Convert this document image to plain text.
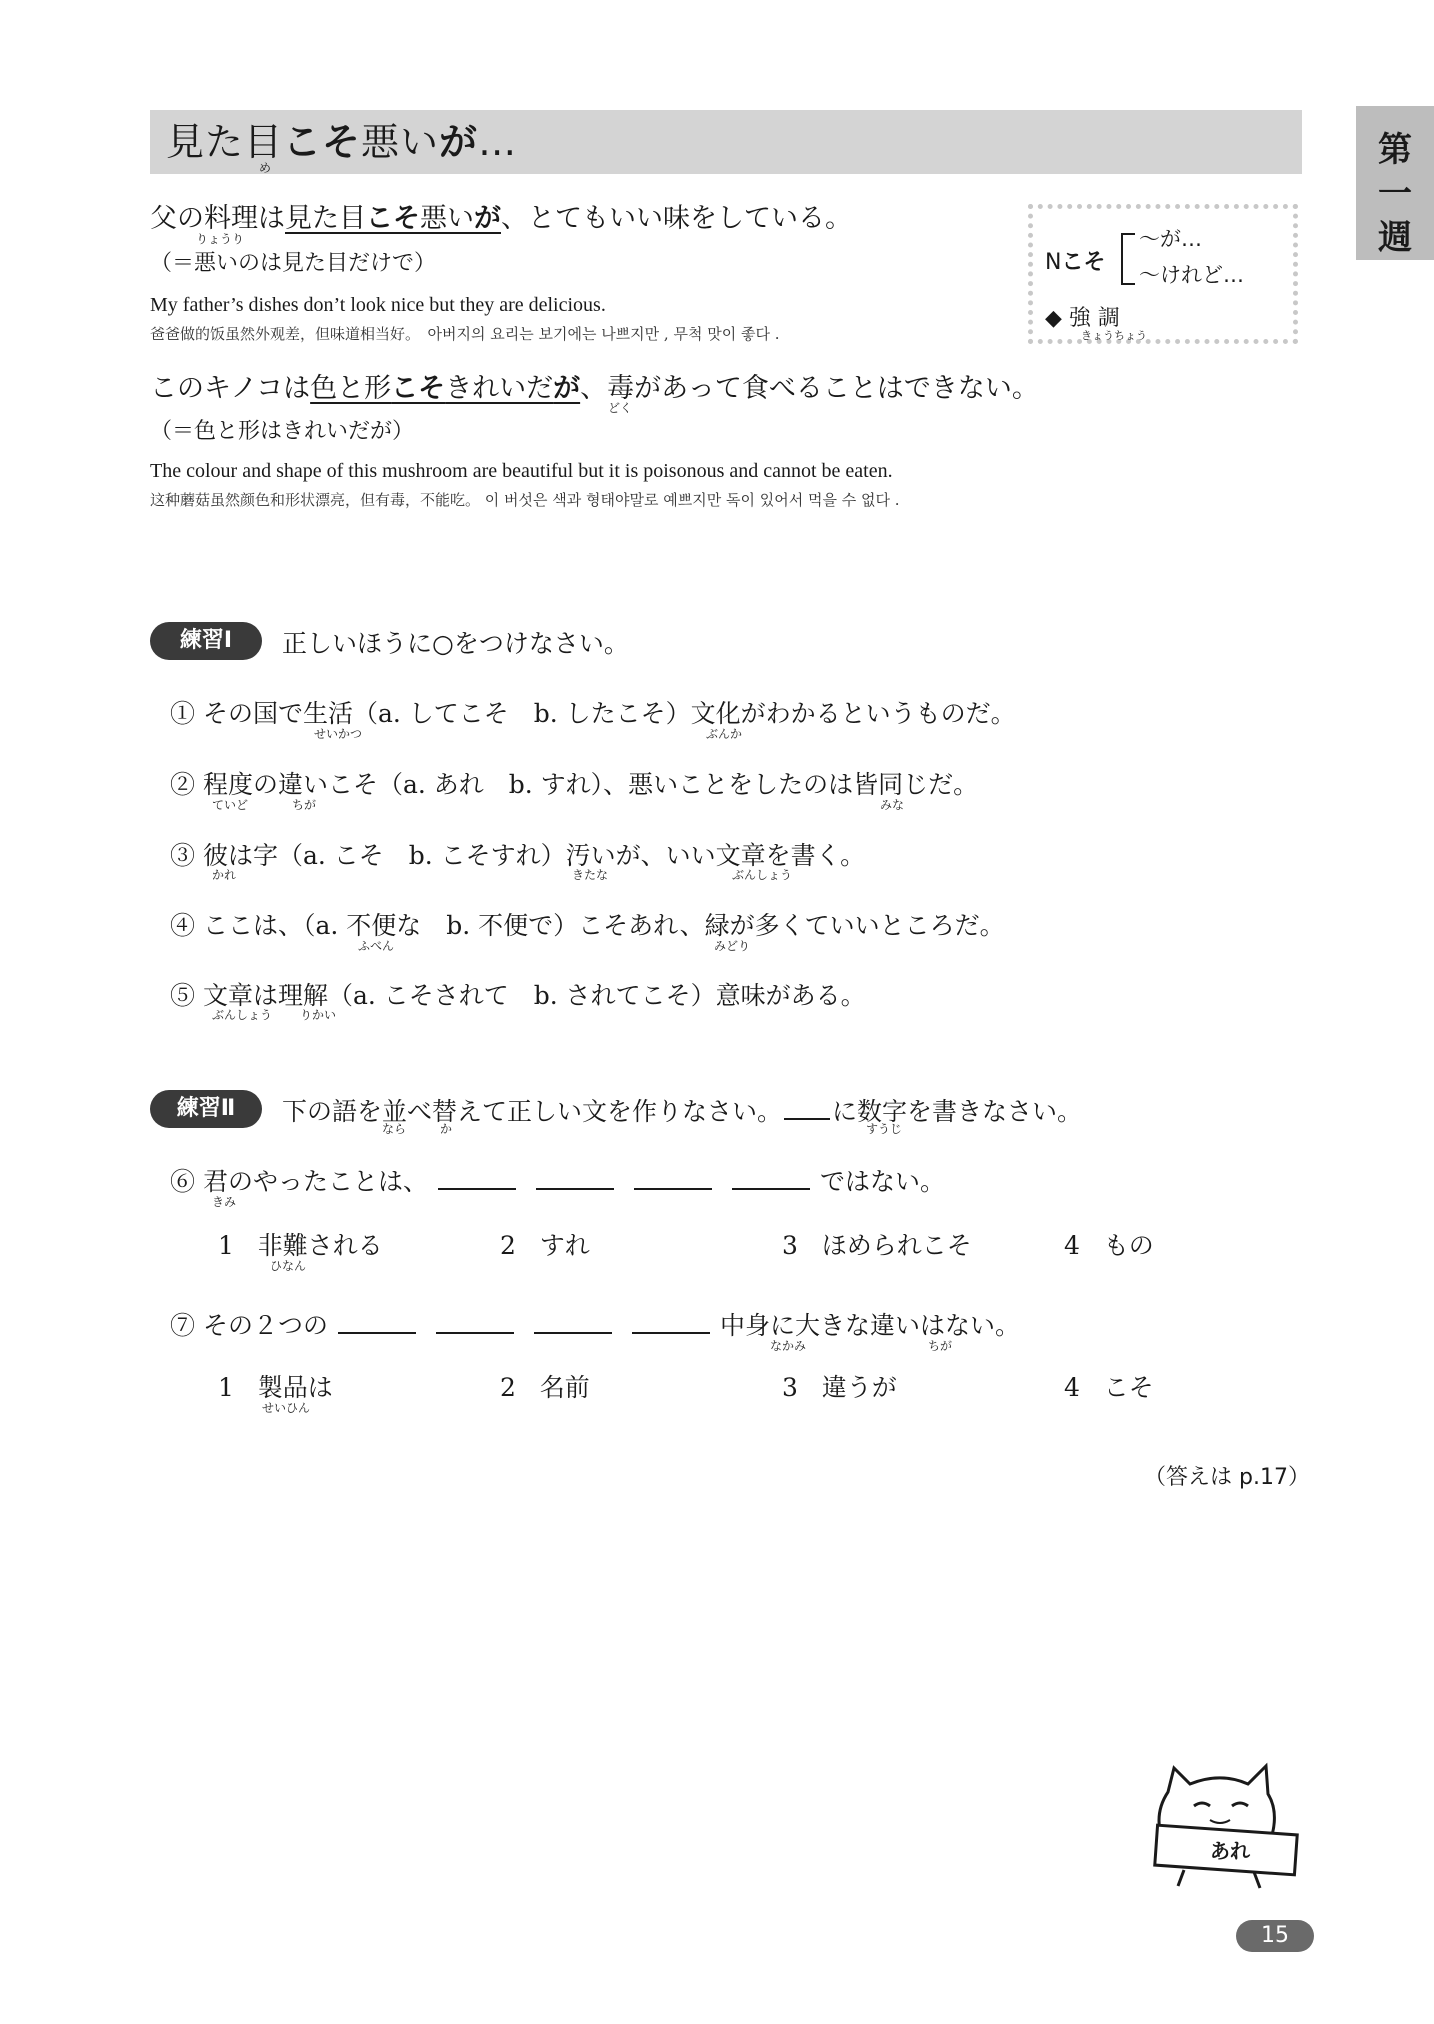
見た目こそ悪いが…
め	第
一
週
Nこそ
〜が…
〜けれど…
◆ 強 調
きょうちょう
父の料理は見た目こそ悪いが、とてもいい味をしている。
りょうり
（＝悪いのは見た目だけで）
My father’s dishes don’t look nice but they are delicious.
爸爸做的饭虽然外观差，但味道相当好。　아버지의 요리는 보기에는 나쁘지만 , 무척 맛이 좋다 .
このキノコは色と形こそきれいだが、毒があって食べることはできない。
どく
（＝色と形はきれいだが）
The colour and shape of this mushroom are beautiful but it is poisonous and cannot be eaten.
这种蘑菇虽然颜色和形状漂亮，但有毒，不能吃。 이 버섯은 색과 형태야말로 예쁘지만 독이 있어서 먹을 수 없다 .
練習Ⅰ	正しいほうに○をつけなさい。
① その国で生活（a. してこそ　b. したこそ）文化がわかるというものだ。
せいかつ	ぶんか
② 程度の違いこそ（a. あれ　b. すれ）、悪いことをしたのは皆同じだ。
ていど	ちが	みな
③ 彼は字（a. こそ　b. こそすれ）汚いが、いい文章を書く。
かれ	きたな	ぶんしょう
④ ここは、（a. 不便な　b. 不便で）こそあれ、緑が多くていいところだ。
ふべん	みどり
⑤ 文章は理解（a. こそされて　b. されてこそ）意味がある。
ぶんしょう りかい
練習Ⅱ	下の語を並べ替えて正しい文を作りなさい。 に数字を書きなさい。
なら	か	すうじ
⑥ 君のやったことは、	ではない。
きみ
1 非難される
ひなん
2 すれ	3 ほめられこそ	4 もの
⑦ その２つの	中身に大きな違いはない。
なかみ	ちが
1 製品は
せいひん
2 名前	3 違うが	4 こそ
（答えは p.17）
あれ
15
